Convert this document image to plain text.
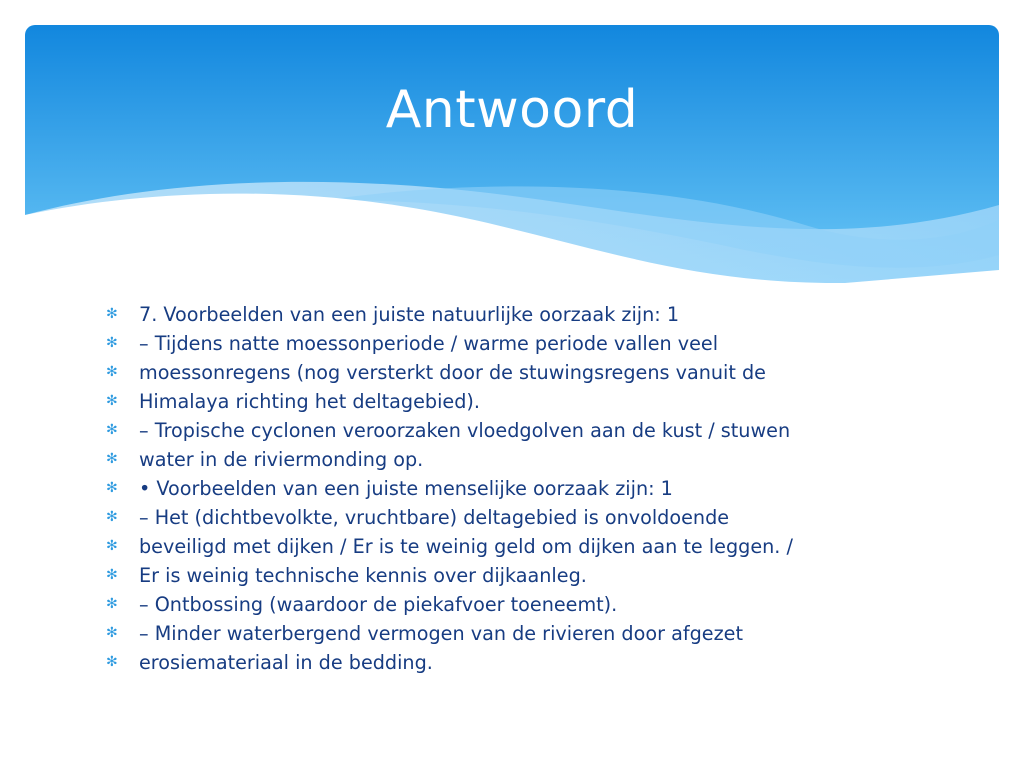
Antwoord
✻ 7. Voorbeelden van een juiste natuurlijke oorzaak zijn: 1
✻ – Tijdens natte moessonperiode / warme periode vallen veel
✻ moessonregens (nog versterkt door de stuwingsregens vanuit de
✻ Himalaya richting het deltagebied).
✻ – Tropische cyclonen veroorzaken vloedgolven aan de kust / stuwen
✻ water in de riviermonding op.
✻ • Voorbeelden van een juiste menselijke oorzaak zijn: 1
✻ – Het (dichtbevolkte, vruchtbare) deltagebied is onvoldoende
✻ beveiligd met dijken / Er is te weinig geld om dijken aan te leggen. /
✻ Er is weinig technische kennis over dijkaanleg.
✻ – Ontbossing (waardoor de piekafvoer toeneemt).
✻ – Minder waterbergend vermogen van de rivieren door afgezet
✻ erosiemateriaal in de bedding.
